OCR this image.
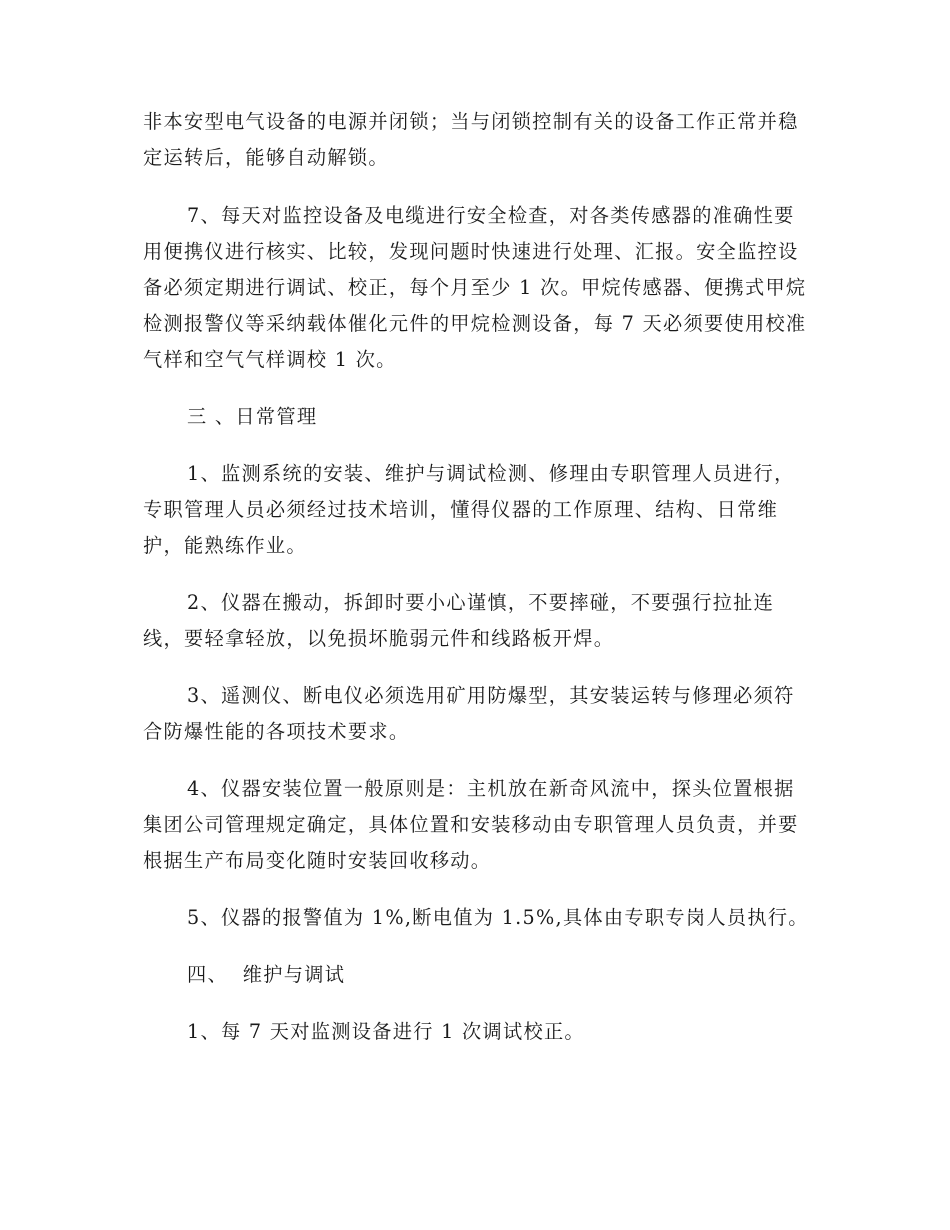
非本安型电气设备的电源并闭锁；当与闭锁控制有关的设备工作正常并稳定运转后，能够自动解锁。

7、每天对监控设备及电缆进行安全检查，对各类传感器的准确性要用便携仪进行核实、比较，发现问题时快速进行处理、汇报。安全监控设备必须定期进行调试、校正，每个月至少 1 次。甲烷传感器、便携式甲烷检测报警仪等采纳载体催化元件的甲烷检测设备，每 7 天必须要使用校准气样和空气气样调校 1 次。

三 、日常管理

1、监测系统的安装、维护与调试检测、修理由专职管理人员进行，专职管理人员必须经过技术培训，懂得仪器的工作原理、结构、日常维护，能熟练作业。

2、仪器在搬动，拆卸时要小心谨慎，不要摔碰，不要强行拉扯连线，要轻拿轻放，以免损坏脆弱元件和线路板开焊。

3、遥测仪、断电仪必须选用矿用防爆型，其安装运转与修理必须符合防爆性能的各项技术要求。

4、仪器安装位置一般原则是：主机放在新奇风流中，探头位置根据集团公司管理规定确定，具体位置和安装移动由专职管理人员负责，并要根据生产布局变化随时安装回收移动。

5、仪器的报警值为 1%,断电值为 1.5%,具体由专职专岗人员执行。

四、  维护与调试

1、每 7 天对监测设备进行 1 次调试校正。
